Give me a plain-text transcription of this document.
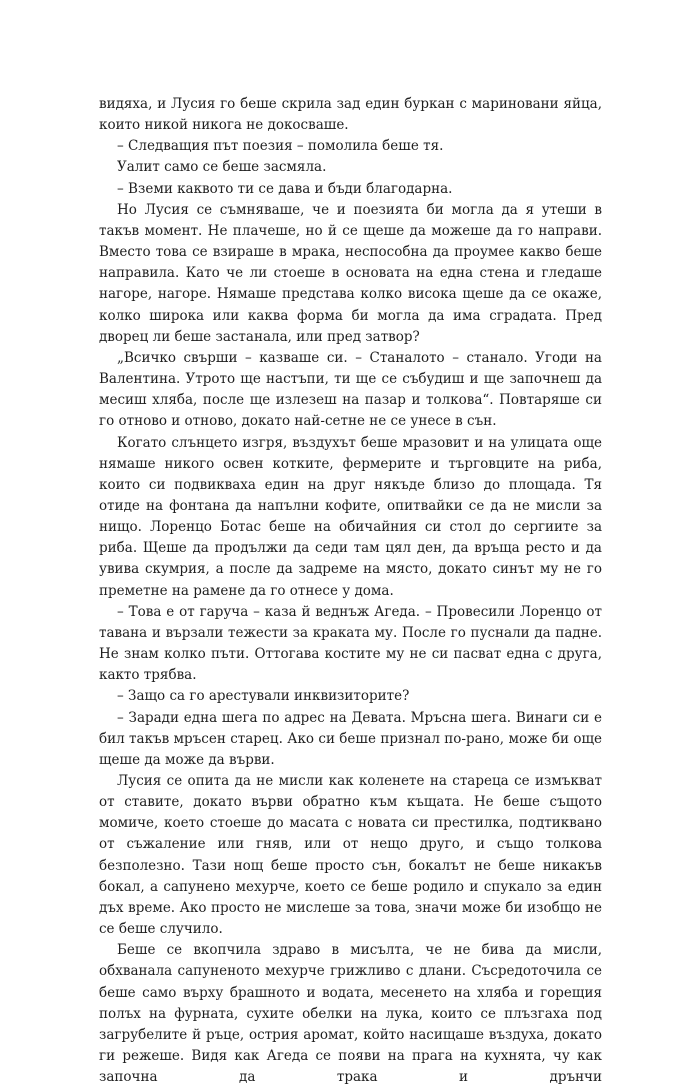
видяха, и Лусия го беше скрила зад един буркан с мариновани яйца, които никой никога не докосваше.

– Следващия път поезия – помолила беше тя.

Уалит само се беше засмяла.

– Вземи каквото ти се дава и бъди благодарна.

Но Лусия се съмняваше, че и поезията би могла да я утеши в такъв момент. Не плачеше, но й се щеше да можеше да го направи. Вместо това се взираше в мрака, неспособна да проумее какво беше направила. Като че ли стоеше в основата на една стена и гледаше нагоре, нагоре. Нямаше представа колко висока щеше да се окаже, колко широка или каква форма би могла да има сградата. Пред дворец ли беше застанала, или пред затвор?

„Всичко свърши – казваше си. – Станалото – станало. Угоди на Валентина. Утрото ще настъпи, ти ще се събудиш и ще започнеш да месиш хляба, после ще излезеш на пазар и толкова“. Повтаряше си го отново и отново, докато най-сетне не се унесе в сън.

Когато слънцето изгря, въздухът беше мразовит и на улицата още нямаше никого освен котките, фермерите и търговците на риба, които си подвикваха един на друг някъде близо до площада. Тя отиде на фонтана да напълни кофите, опитвайки се да не мисли за нищо. Лоренцо Ботас беше на обичайния си стол до сергиите за риба. Щеше да продължи да седи там цял ден, да връща ресто и да увива скумрия, а после да задреме на място, докато синът му не го преметне на рамене да го отнесе у дома.

– Това е от гаруча – каза й веднъж Агеда. – Провесили Лоренцо от тавана и вързали тежести за краката му. После го пуснали да падне. Не знам колко пъти. Оттогава костите му не си пасват една с друга, както трябва.

– Защо са го арестували инквизиторите?

– Заради една шега по адрес на Девата. Мръсна шега. Винаги си е бил такъв мръсен старец. Ако си беше признал по-рано, може би още щеше да може да върви.

Лусия се опита да не мисли как коленете на стареца се измъкват от ставите, докато върви обратно към къщата. Не беше същото момиче, което стоеше до масата с новата си престилка, подтиквано от съжаление или гняв, или от нещо друго, и също толкова безполезно. Тази нощ беше просто сън, бокалът не беше никакъв бокал, а сапунено мехурче, което се беше родило и спукало за един дъх време. Ако просто не мислеше за това, значи може би изобщо не се беше случило.

Беше се вкопчила здраво в мисълта, че не бива да мисли, обхванала сапуненото мехурче грижливо с длани. Съсредоточила се беше само върху брашното и водата, месенето на хляба и горещия полъх на фурната, сухите обелки на лука, които се плъзгаха под загрубелите й ръце, острия аромат, който насищаше въздуха, докато ги режеше. Видя как Агеда се появи на прага на кухнята, чу как започна да трака и дрънчи
